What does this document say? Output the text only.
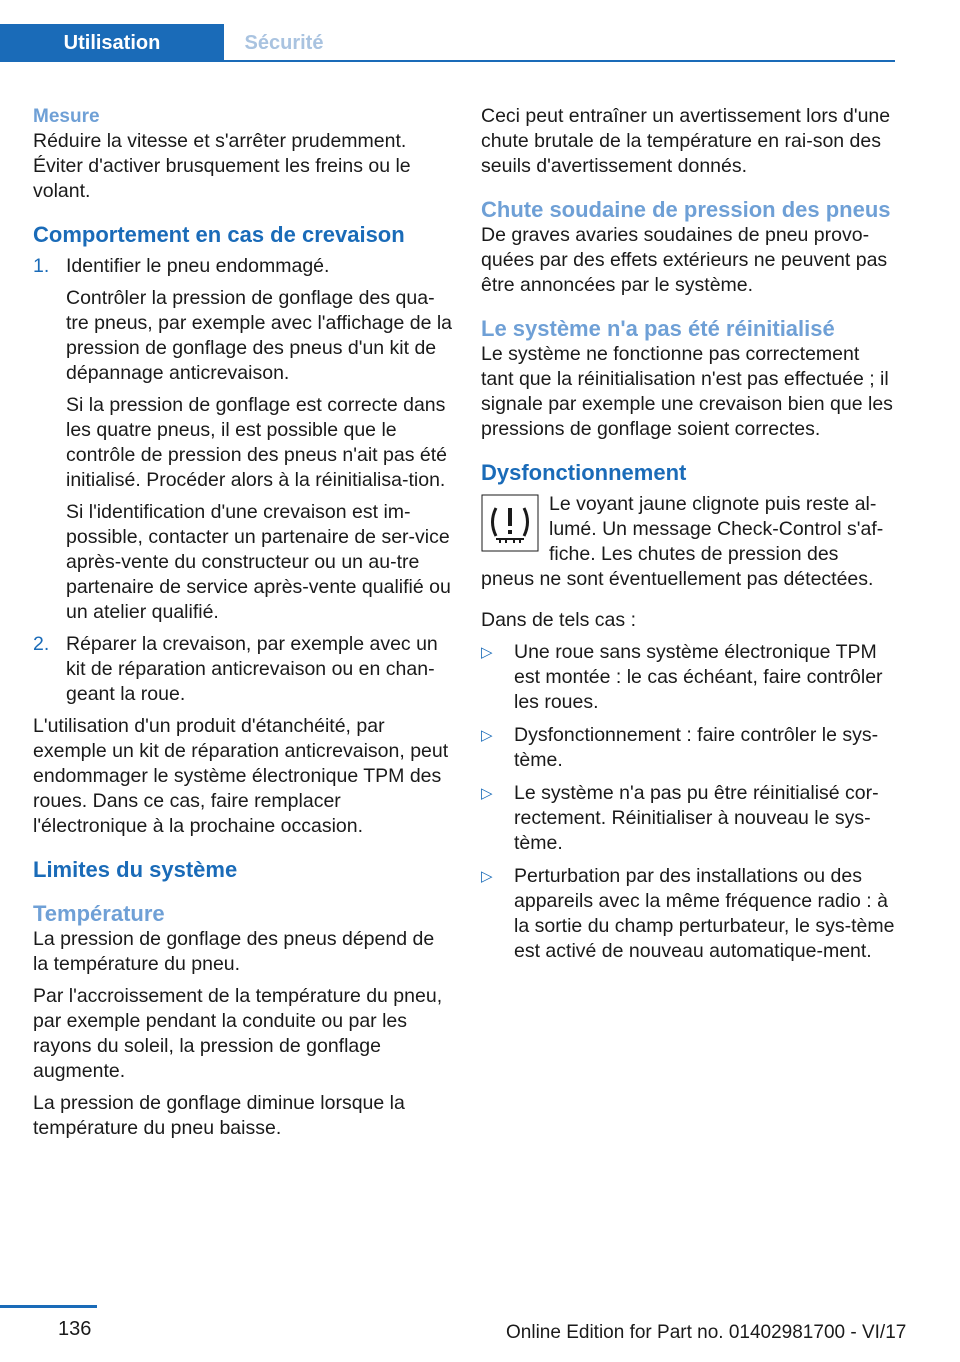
Utilisation	Sécurité
Mesure

Réduire la vitesse et s'arrêter prudemment. Éviter d'activer brusquement les freins ou le volant.

Comportement en cas de crevaison
1. Identifier le pneu endommagé.

Contrôler la pression de gonflage des qua-tre pneus, par exemple avec l'affichage de la pression de gonflage des pneus d'un kit de dépannage anticrevaison.

Si la pression de gonflage est correcte dans les quatre pneus, il est possible que le contrôle de pression des pneus n'ait pas été initialisé. Procéder alors à la réinitialisa-tion.

Si l'identification d'une crevaison est im-possible, contacter un partenaire de ser-vice après-vente du constructeur ou un au-tre partenaire de service après-vente qualifié ou un atelier qualifié.

2. Réparer la crevaison, par exemple avec un kit de réparation anticrevaison ou en chan-geant la roue.

L'utilisation d'un produit d'étanchéité, par exemple un kit de réparation anticrevaison, peut endommager le système électronique TPM des roues. Dans ce cas, faire remplacer l'électronique à la prochaine occasion.

Limites du système
Température

La pression de gonflage des pneus dépend de la température du pneu.

Par l'accroissement de la température du pneu, par exemple pendant la conduite ou par les rayons du soleil, la pression de gonflage augmente.

La pression de gonflage diminue lorsque la température du pneu baisse.

Ceci peut entraîner un avertissement lors d'une chute brutale de la température en rai-son des seuils d'avertissement donnés.

Chute soudaine de pression des pneus

De graves avaries soudaines de pneu provo-quées par des effets extérieurs ne peuvent pas être annoncées par le système.

Le système n'a pas été réinitialisé

Le système ne fonctionne pas correctement tant que la réinitialisation n'est pas effectuée ; il signale par exemple une crevaison bien que les pressions de gonflage soient correctes.

Dysfonctionnement

Le voyant jaune clignote puis reste al-lumé. Un message Check-Control s'af-fiche. Les chutes de pression des pneus ne sont éventuellement pas détectées.

Dans de tels cas :

▷ Une roue sans système électronique TPM est montée : le cas échéant, faire contrôler les roues.
▷ Dysfonctionnement : faire contrôler le sys-tème.
▷ Le système n'a pas pu être réinitialisé cor-rectement. Réinitialiser à nouveau le sys-tème.
▷ Perturbation par des installations ou des appareils avec la même fréquence radio : à la sortie du champ perturbateur, le sys-tème est activé de nouveau automatique-ment.
136	Online Edition for Part no. 01402981700 - VI/17
